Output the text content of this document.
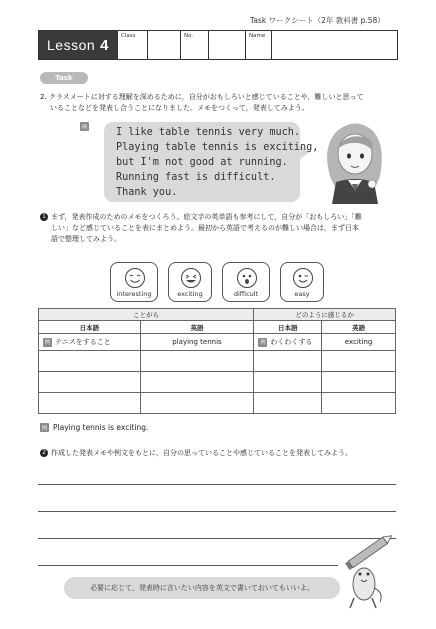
Task ワークシート（2年 教科書 p.58）
Lesson 4
Class	No.	Name
Task
2. クラスメートに対する理解を深めるために，自分がおもしろいと感じていることや，難しいと思って
いることなどを発表し合うことになりました。メモをつくって，発表してみよう。
例	I like table tennis very much.
Playing table tennis is exciting,
but I'm not good at running.
Running fast is difficult.
Thank you.
1 まず，発表作成のためのメモをつくろう。絵文字の英単語も参考にして，自分が「おもしろい」「難
しい」など感じていることを表にまとめよう。最初から英語で考えるのが難しい場合は，まず日本
語で整理してみよう。
interesting	exciting	difficult	easy
ことがら		どのように感じるか	
日本語	英語	日本語	英語
例 テニスをすること	playing tennis	例 わくわくする	exciting

例 Playing tennis is exciting.
2 作成した発表メモや例文をもとに，自分の思っていることや感じていることを発表してみよう。
必要に応じて，発表時に言いたい内容を英文で書いておいてもいいよ。
